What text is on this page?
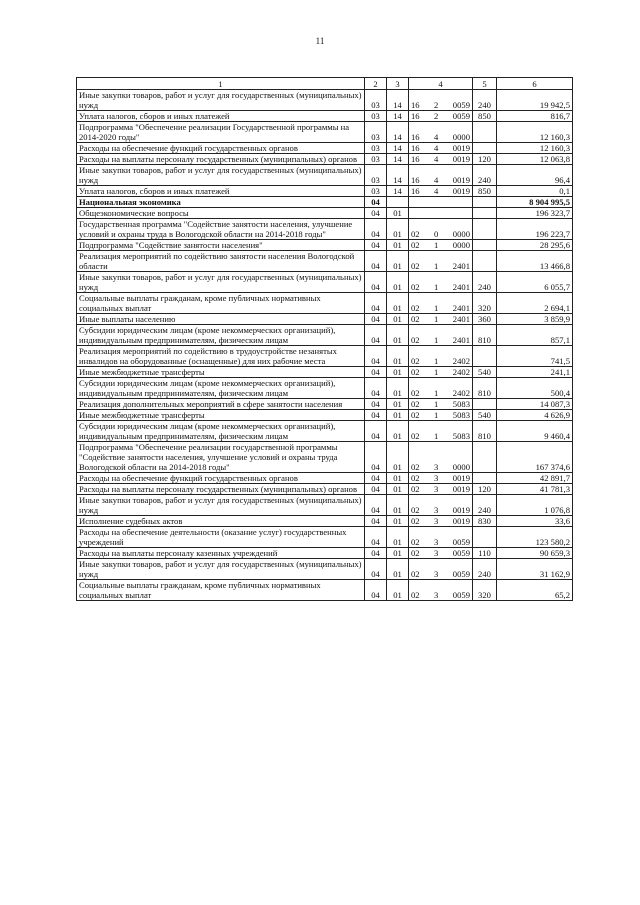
11
1	2	3	4	5	6
Иные закупки товаров, работ и услуг для государственных (муниципальных) нужд	03	14	16 2 0059	240	19 942,5
Уплата налогов, сборов и иных платежей	03	14	16 2 0059	850	816,7
Подпрограмма "Обеспечение реализации Государственной программы на 2014-2020 годы"	03	14	16 4 0000		12 160,3
Расходы на обеспечение функций государственных органов	03	14	16 4 0019		12 160,3
Расходы на выплаты персоналу государственных (муниципальных) органов	03	14	16 4 0019	120	12 063,8
Иные закупки товаров, работ и услуг для государственных (муниципальных) нужд	03	14	16 4 0019	240	96,4
Уплата налогов, сборов и иных платежей	03	14	16 4 0019	850	0,1
Национальная экономика	04				8 904 995,5
Общеэкономические вопросы	04	01			196 323,7
Государственная программа "Содействие занятости населения, улучшение условий и охраны труда в Вологодской области на 2014-2018 годы"	04	01	02 0 0000		196 223,7
Подпрограмма "Содействие занятости населения"	04	01	02 1 0000		28 295,6
Реализация мероприятий по содействию занятости населения Вологодской области	04	01	02 1 2401		13 466,8
Иные закупки товаров, работ и услуг для государственных (муниципальных) нужд	04	01	02 1 2401	240	6 055,7
Социальные выплаты гражданам, кроме публичных нормативных социальных выплат	04	01	02 1 2401	320	2 694,1
Иные выплаты населению	04	01	02 1 2401	360	3 859,9
Субсидии юридическим лицам (кроме некоммерческих организаций), индивидуальным предпринимателям, физическим лицам	04	01	02 1 2401	810	857,1
Реализация мероприятий по содействию в трудоустройстве незанятых инвалидов на оборудованные (оснащенные) для них рабочие места	04	01	02 1 2402		741,5
Иные межбюджетные трансферты	04	01	02 1 2402	540	241,1
Субсидии юридическим лицам (кроме некоммерческих организаций), индивидуальным предпринимателям, физическим лицам	04	01	02 1 2402	810	500,4
Реализация дополнительных мероприятий в сфере занятости населения	04	01	02 1 5083		14 087,3
Иные межбюджетные трансферты	04	01	02 1 5083	540	4 626,9
Субсидии юридическим лицам (кроме некоммерческих организаций), индивидуальным предпринимателям, физическим лицам	04	01	02 1 5083	810	9 460,4
Подпрограмма "Обеспечение реализации государственной программы "Содействие занятости населения, улучшение условий и охраны труда Вологодской области на 2014-2018 годы"	04	01	02 3 0000		167 374,6
Расходы на обеспечение функций государственных органов	04	01	02 3 0019		42 891,7
Расходы на выплаты персоналу государственных (муниципальных) органов	04	01	02 3 0019	120	41 781,3
Иные закупки товаров, работ и услуг для государственных (муниципальных) нужд	04	01	02 3 0019	240	1 076,8
Исполнение судебных актов	04	01	02 3 0019	830	33,6
Расходы на обеспечение деятельности (оказание услуг) государственных учреждений	04	01	02 3 0059		123 580,2
Расходы на выплаты персоналу казенных учреждений	04	01	02 3 0059	110	90 659,3
Иные закупки товаров, работ и услуг для государственных (муниципальных) нужд	04	01	02 3 0059	240	31 162,9
Социальные выплаты гражданам, кроме публичных нормативных социальных выплат	04	01	02 3 0059	320	65,2
